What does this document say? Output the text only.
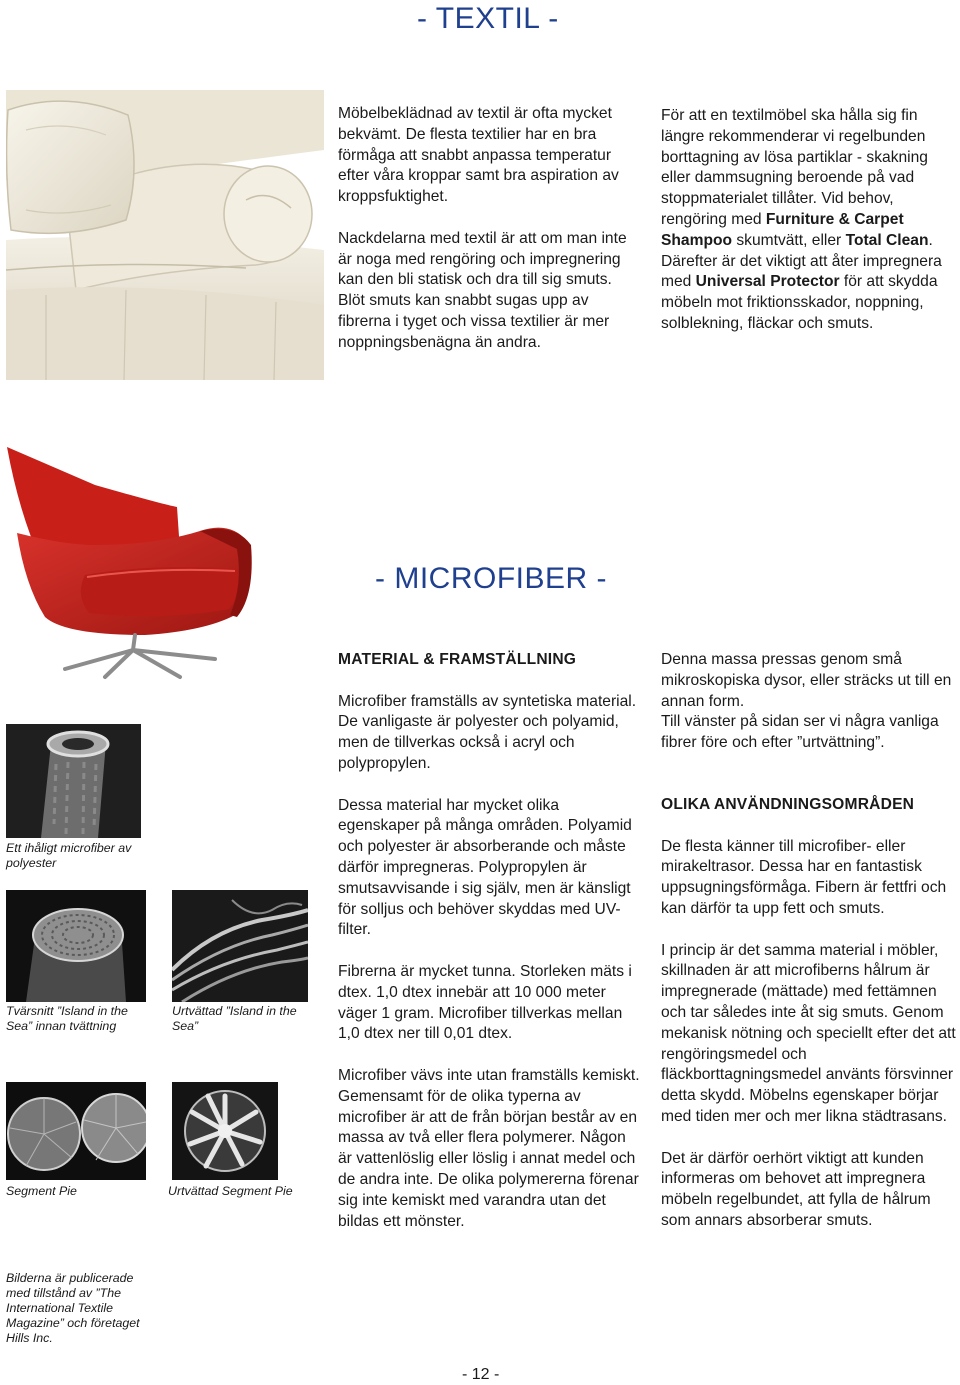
- TEXTIL -

Möbelbeklädnad av textil är ofta mycket bekvämt. De flesta textilier har en bra förmåga att snabbt anpassa temperatur efter våra kroppar samt bra aspiration av kroppsfuktighet.

Nackdelarna med textil är att om man inte är noga med rengöring och impregnering kan den bli statisk och dra till sig smuts. Blöt smuts kan snabbt sugas upp av fibrerna i tyget och vissa textilier är mer noppningsbenägna än andra.

För att en textilmöbel ska hålla sig fin längre rekommenderar vi regelbunden borttagning av lösa partiklar - skakning eller dammsugning beroende på vad stoppmaterialet tillåter. Vid behov, rengöring med Furniture & Carpet Shampoo skumtvätt, eller Total Clean. Därefter är det viktigt att åter impregnera med Universal Protector för att skydda möbeln mot friktionsskador, noppning, solblekning, fläckar och smuts.

- MICROFIBER -

MATERIAL & FRAMSTÄLLNING

Microfiber framställs av syntetiska material. De vanligaste är polyester och polyamid, men de tillverkas också i acryl och polypropylen.

Dessa material har mycket olika egenskaper på många områden. Polyamid och polyester är absorberande och måste därför impregneras. Polypropylen är smutsavvisande i sig själv, men är känsligt för solljus och behöver skyddas med UV-filter.

Fibrerna är mycket tunna. Storleken mäts i dtex. 1,0 dtex innebär att 10 000 meter väger 1 gram. Microfiber tillverkas mellan 1,0 dtex ner till 0,01 dtex.

Microfiber vävs inte utan framställs kemiskt. Gemensamt för de olika typerna av microfiber är att de från början består av en massa av två eller flera polymerer. Någon är vattenlöslig eller löslig i annat medel och de andra inte. De olika polymererna förenar sig inte kemiskt med varandra utan det bildas ett mönster.

Denna massa pressas genom små mikroskopiska dysor, eller sträcks ut till en annan form.

Till vänster på sidan ser vi några vanliga fibrer före och efter ”urtvättning”.

OLIKA ANVÄNDNINGSOMRÅDEN

De flesta känner till microfiber- eller mirakeltrasor. Dessa har en fantastisk uppsugningsförmåga. Fibern är fettfri och kan därför ta upp fett och smuts.

I princip är det samma material i möbler, skillnaden är att microfiberns hålrum är impregnerade (mättade) med fettämnen och tar således inte åt sig smuts. Genom mekanisk nötning och speciellt efter det att rengöringsmedel och fläckborttagningsmedel använts försvinner detta skydd. Möbelns egenskaper börjar med tiden mer och mer likna städtrasans.

Det är därför oerhört viktigt att kunden informeras om behovet att impregnera möbeln regelbundet, att fylla de hålrum som annars absorberar smuts.

Ett ihåligt microfiber av polyester

Tvärsnitt ”Island in the Sea” innan tvättning

Urtvättad ”Island in the Sea”

Segment Pie	Urtvättad Segment Pie

Bilderna är publicerade med tillstånd av ”The International Textile Magazine” och företaget Hills Inc.

- 12 -
